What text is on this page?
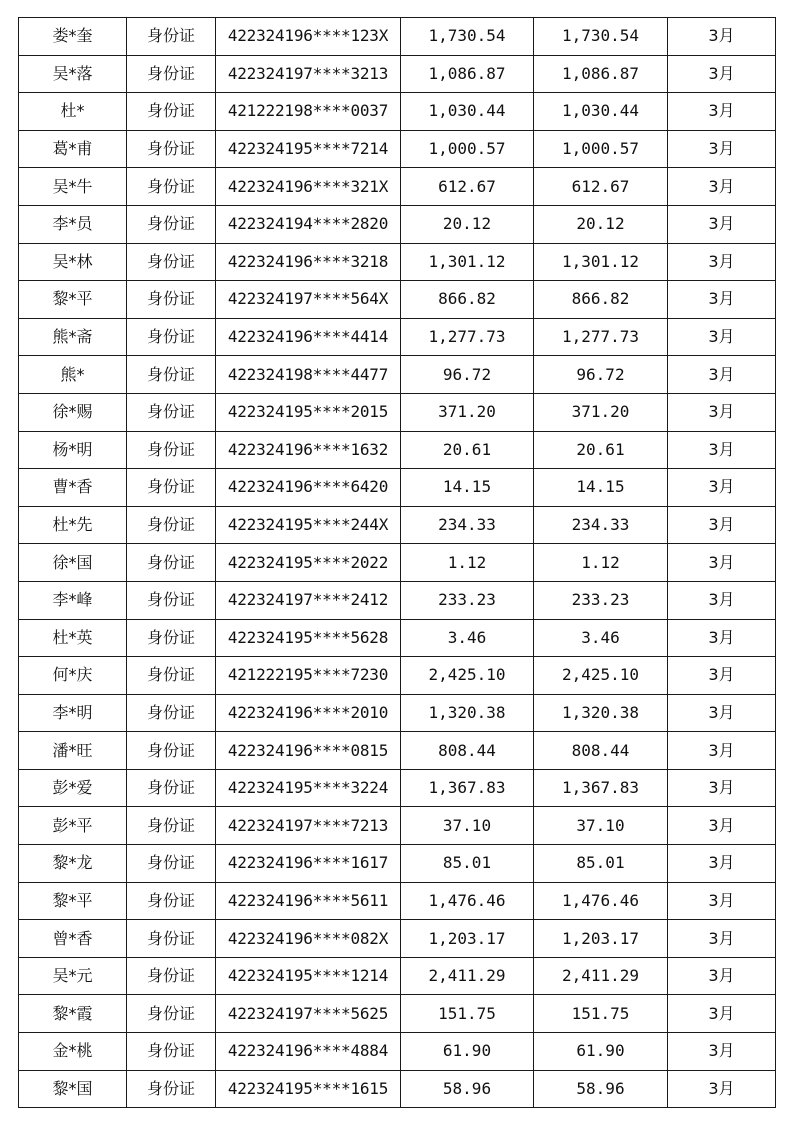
娄*奎	身份证	422324196****123X	1,730.54	1,730.54	3月
吴*落	身份证	422324197****3213	1,086.87	1,086.87	3月
杜*	身份证	421222198****0037	1,030.44	1,030.44	3月
葛*甫	身份证	422324195****7214	1,000.57	1,000.57	3月
吴*牛	身份证	422324196****321X	612.67	612.67	3月
李*员	身份证	422324194****2820	20.12	20.12	3月
吴*林	身份证	422324196****3218	1,301.12	1,301.12	3月
黎*平	身份证	422324197****564X	866.82	866.82	3月
熊*斋	身份证	422324196****4414	1,277.73	1,277.73	3月
熊*	身份证	422324198****4477	96.72	96.72	3月
徐*赐	身份证	422324195****2015	371.20	371.20	3月
杨*明	身份证	422324196****1632	20.61	20.61	3月
曹*香	身份证	422324196****6420	14.15	14.15	3月
杜*先	身份证	422324195****244X	234.33	234.33	3月
徐*国	身份证	422324195****2022	1.12	1.12	3月
李*峰	身份证	422324197****2412	233.23	233.23	3月
杜*英	身份证	422324195****5628	3.46	3.46	3月
何*庆	身份证	421222195****7230	2,425.10	2,425.10	3月
李*明	身份证	422324196****2010	1,320.38	1,320.38	3月
潘*旺	身份证	422324196****0815	808.44	808.44	3月
彭*爱	身份证	422324195****3224	1,367.83	1,367.83	3月
彭*平	身份证	422324197****7213	37.10	37.10	3月
黎*龙	身份证	422324196****1617	85.01	85.01	3月
黎*平	身份证	422324196****5611	1,476.46	1,476.46	3月
曾*香	身份证	422324196****082X	1,203.17	1,203.17	3月
吴*元	身份证	422324195****1214	2,411.29	2,411.29	3月
黎*霞	身份证	422324197****5625	151.75	151.75	3月
金*桃	身份证	422324196****4884	61.90	61.90	3月
黎*国	身份证	422324195****1615	58.96	58.96	3月
